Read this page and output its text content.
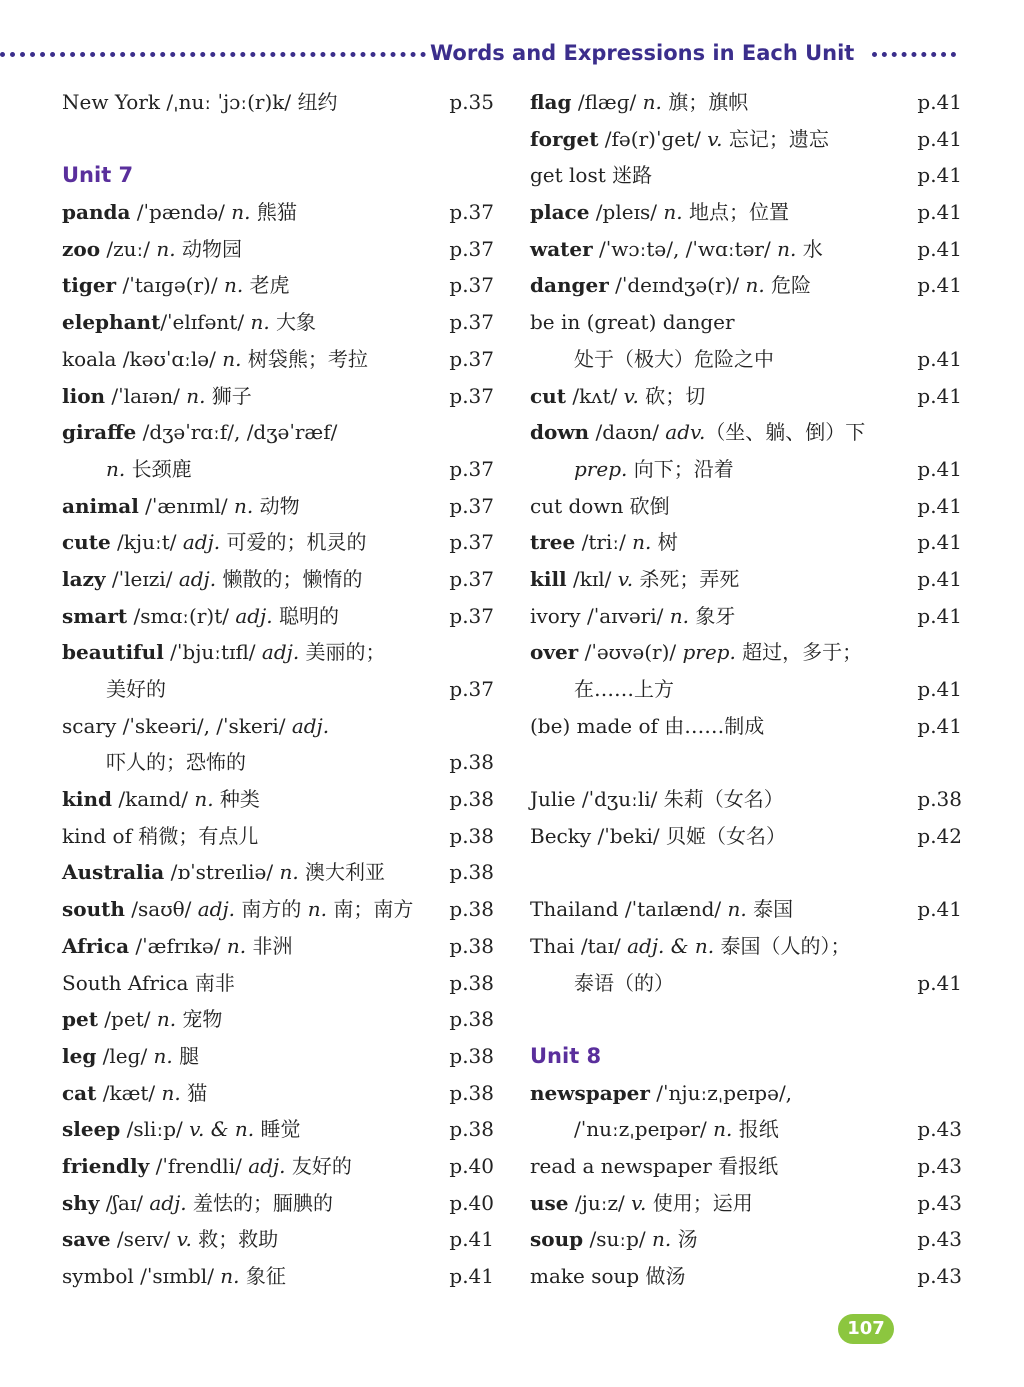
Words and Expressions in Each Unit
New York /ˌnuː ˈjɔː(r)k/ 纽约	p.35
Unit 7
panda /ˈpændə/ n. 熊猫	p.37
zoo /zuː/ n. 动物园	p.37
tiger /ˈtaɪɡə(r)/ n. 老虎	p.37
elephant/ˈelɪfənt/ n. 大象	p.37
koala /kəʊˈɑːlə/ n. 树袋熊；考拉	p.37
lion /ˈlaɪən/ n. 狮子	p.37
giraffe /dʒəˈrɑːf/, /dʒəˈræf/
n. 长颈鹿	p.37
animal /ˈænɪml/ n. 动物	p.37
cute /kjuːt/ adj. 可爱的；机灵的	p.37
lazy /ˈleɪzi/ adj. 懒散的；懒惰的	p.37
smart /smɑː(r)t/ adj. 聪明的	p.37
beautiful /ˈbjuːtɪfl/ adj. 美丽的；
美好的	p.37
scary /ˈskeəri/, /ˈskeri/ adj.
吓人的；恐怖的	p.38
kind /kaɪnd/ n. 种类	p.38
kind of 稍微；有点儿	p.38
Australia /ɒˈstreɪliə/ n. 澳大利亚	p.38
south /saʊθ/ adj. 南方的 n. 南；南方 p.38
Africa /ˈæfrɪkə/ n. 非洲	p.38
South Africa 南非	p.38
pet /pet/ n. 宠物	p.38
leg /leɡ/ n. 腿	p.38
cat /kæt/ n. 猫	p.38
sleep /sliːp/ v. & n. 睡觉	p.38
friendly /ˈfrendli/ adj. 友好的	p.40
shy /ʃaɪ/ adj. 羞怯的；腼腆的	p.40
save /seɪv/ v. 救；救助	p.41
symbol /ˈsɪmbl/ n. 象征	p.41
flag /flæɡ/ n. 旗；旗帜	p.41
forget /fə(r)ˈɡet/ v. 忘记；遗忘	p.41
get lost 迷路	p.41
place /pleɪs/ n. 地点；位置	p.41
water /ˈwɔːtə/, /ˈwɑːtər/ n. 水	p.41
danger /ˈdeɪndʒə(r)/ n. 危险	p.41
be in (great) danger
处于（极大）危险之中	p.41
cut /kʌt/ v. 砍；切	p.41
down /daʊn/ adv.（坐、躺、倒）下
prep. 向下；沿着	p.41
cut down 砍倒	p.41
tree /triː/ n. 树	p.41
kill /kɪl/ v. 杀死；弄死	p.41
ivory /ˈaɪvəri/ n. 象牙	p.41
over /ˈəʊvə(r)/ prep. 超过，多于；
在……上方	p.41
(be) made of 由……制成	p.41
Julie /ˈdʒuːli/ 朱莉（女名）	p.38
Becky /ˈbeki/ 贝姬（女名）	p.42
Thailand /ˈtaɪlænd/ n. 泰国	p.41
Thai /taɪ/ adj. & n. 泰国（人的）；
泰语（的）	p.41
Unit 8
newspaper /ˈnjuːzˌpeɪpə/,
/ˈnuːzˌpeɪpər/ n. 报纸	p.43
read a newspaper 看报纸	p.43
use /juːz/ v. 使用；运用	p.43
soup /suːp/ n. 汤	p.43
make soup 做汤	p.43
107
